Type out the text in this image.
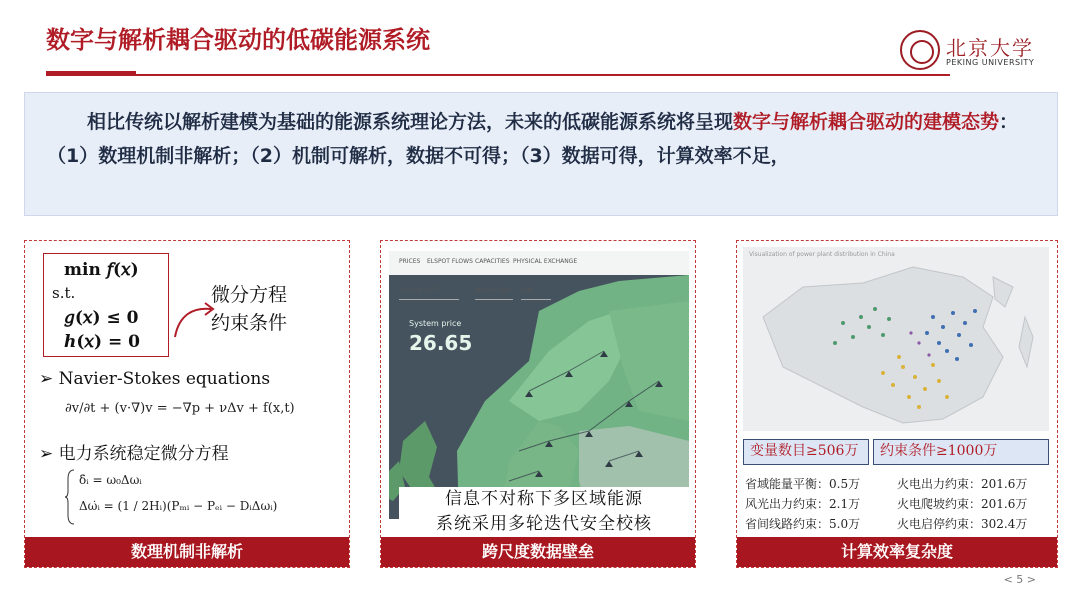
数字与解析耦合驱动的低碳能源系统	北京大学
PEKING UNIVERSITY
相比传统以解析建模为基础的能源系统理论方法，未来的低碳能源系统将呈现数字与解析耦合驱动的建模态势：（1）数理机制非解析；（2）机制可解析，数据不可得；（3）数据可得，计算效率不足，
min 𝑓(𝑥)
s.t.
𝑔(𝑥) ≤ 0
ℎ(𝑥) = 0
微分方程
约束条件
➢ Navier-Stokes equations
∂v/∂t + (v·∇)v = −∇p + νΔv + f(x,t)
➢ 电力系统稳定微分方程
δ̇ᵢ = ω₀Δωᵢ
Δω̇ᵢ = (1 / 2Hᵢ)(Pₘᵢ − Pₑᵢ − DᵢΔωᵢ)
数理机制非解析
PRICES ELSPOT FLOWS CAPACITIES PHYSICAL EXCHANGE
21 JUNE 2017	WHOLE DAY	EUR
System price
26.65
信息不对称下多区域能源
系统采用多轮迭代安全校核
跨尺度数据壁垒
Visualization of power plant distribution in China
变量数目≥506万	约束条件≥1000万
省域能量平衡：0.5万	火电出力约束：201.6万
风光出力约束：2.1万	火电爬坡约束：201.6万
省间线路约束：5.0万	火电启停约束：302.4万
计算效率复杂度
< 5 >
